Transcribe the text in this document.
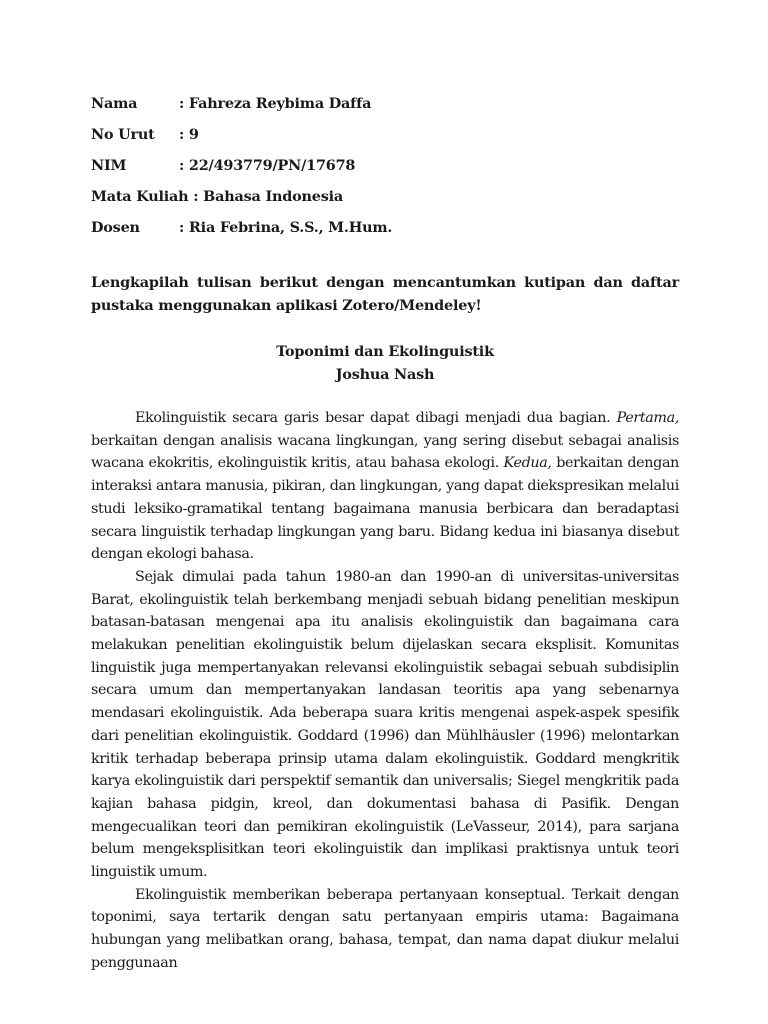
Nama	: Fahreza Reybima Daffa
No Urut : 9
NIM	: 22/493779/PN/17678
Mata Kuliah : Bahasa Indonesia
Dosen	: Ria Febrina, S.S., M.Hum.
Lengkapilah tulisan berikut dengan mencantumkan kutipan dan daftar pustaka menggunakan aplikasi Zotero/Mendeley!
Toponimi dan Ekolinguistik
Joshua Nash

Ekolinguistik secara garis besar dapat dibagi menjadi dua bagian. Pertama, berkaitan dengan analisis wacana lingkungan, yang sering disebut sebagai analisis wacana ekokritis, ekolinguistik kritis, atau bahasa ekologi. Kedua, berkaitan dengan interaksi antara manusia, pikiran, dan lingkungan, yang dapat diekspresikan melalui studi leksiko-gramatikal tentang bagaimana manusia berbicara dan beradaptasi secara linguistik terhadap lingkungan yang baru. Bidang kedua ini biasanya disebut dengan ekologi bahasa.

Sejak dimulai pada tahun 1980-an dan 1990-an di universitas-universitas Barat, ekolinguistik telah berkembang menjadi sebuah bidang penelitian meskipun batasan-batasan mengenai apa itu analisis ekolinguistik dan bagaimana cara melakukan penelitian ekolinguistik belum dijelaskan secara eksplisit. Komunitas linguistik juga mempertanyakan relevansi ekolinguistik sebagai sebuah subdisiplin secara umum dan mempertanyakan landasan teoritis apa yang sebenarnya mendasari ekolinguistik. Ada beberapa suara kritis mengenai aspek-aspek spesifik dari penelitian ekolinguistik. Goddard (1996) dan Mühlhäusler (1996) melontarkan kritik terhadap beberapa prinsip utama dalam ekolinguistik. Goddard mengkritik karya ekolinguistik dari perspektif semantik dan universalis; Siegel mengkritik pada kajian bahasa pidgin, kreol, dan dokumentasi bahasa di Pasifik. Dengan mengecualikan teori dan pemikiran ekolinguistik (LeVasseur, 2014), para sarjana belum mengeksplisitkan teori ekolinguistik dan implikasi praktisnya untuk teori linguistik umum.

Ekolinguistik memberikan beberapa pertanyaan konseptual. Terkait dengan toponimi, saya tertarik dengan satu pertanyaan empiris utama: Bagaimana hubungan yang melibatkan orang, bahasa, tempat, dan nama dapat diukur melalui penggunaan
